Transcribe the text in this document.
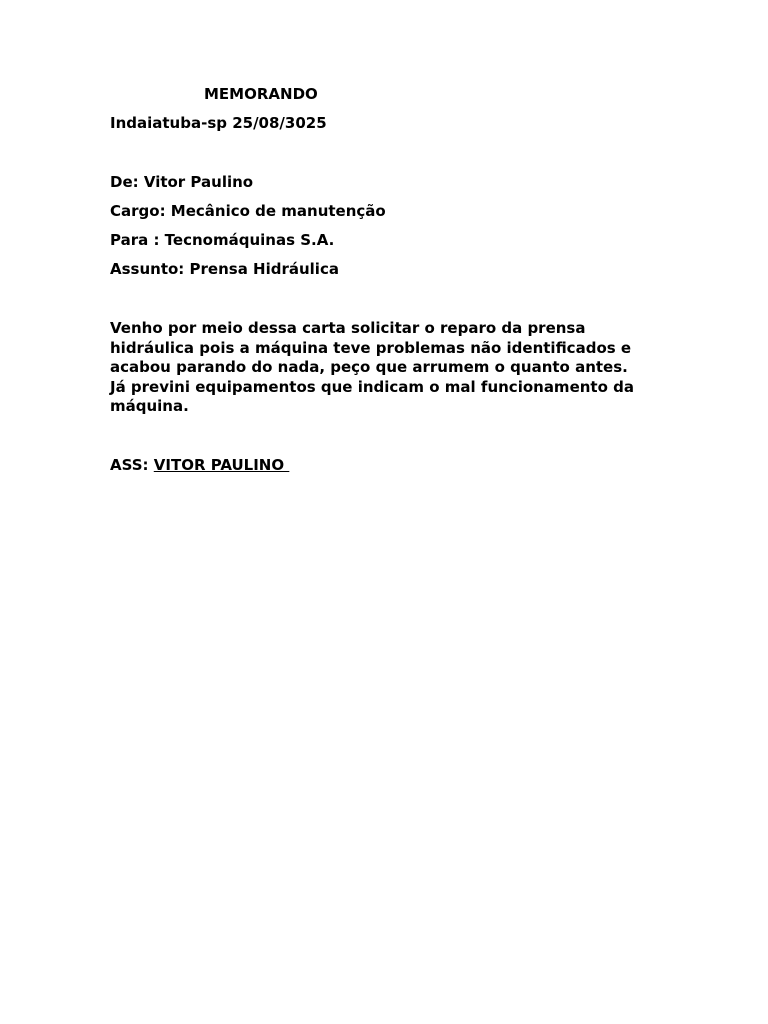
MEMORANDO
Indaiatuba-sp 25/08/3025
De: Vitor Paulino
Cargo: Mecânico de manutenção
Para : Tecnomáquinas S.A.
Assunto: Prensa Hidráulica
Venho por meio dessa carta solicitar o reparo da prensa
hidráulica pois a máquina teve problemas não identificados e
acabou parando do nada, peço que arrumem o quanto antes.
Já previni equipamentos que indicam o mal funcionamento da
máquina.
ASS: VITOR PAULINO
